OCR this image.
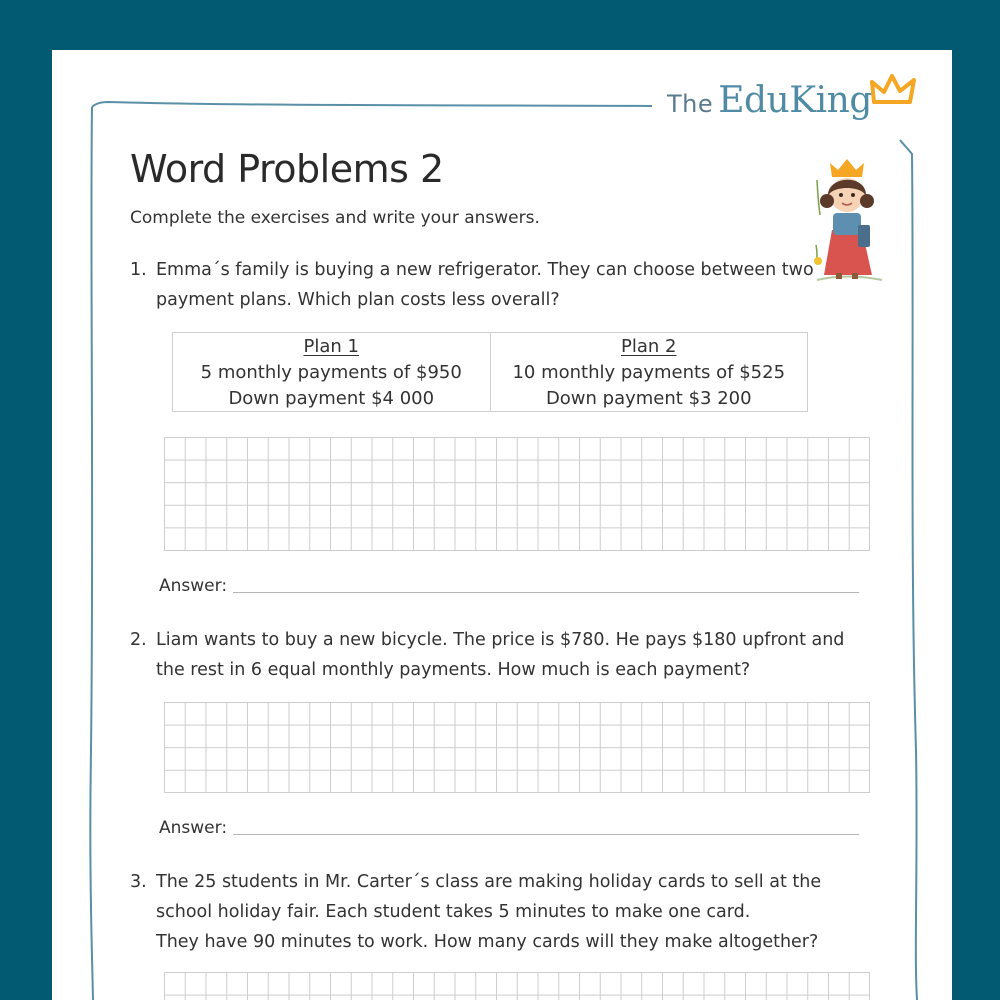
The EduKing
Word Problems 2
Complete the exercises and write your answers.
1. Emma´s family is buying a new refrigerator. They can choose between two
payment plans. Which plan costs less overall?
Plan 1
5 monthly payments of $950
Down payment $4 000
Plan 2
10 monthly payments of $525
Down payment $3 200
Answer:
2. Liam wants to buy a new bicycle. The price is $780. He pays $180 upfront and
the rest in 6 equal monthly payments. How much is each payment?
Answer:
3. The 25 students in Mr. Carter´s class are making holiday cards to sell at the
school holiday fair. Each student takes 5 minutes to make one card.
They have 90 minutes to work. How many cards will they make altogether?
